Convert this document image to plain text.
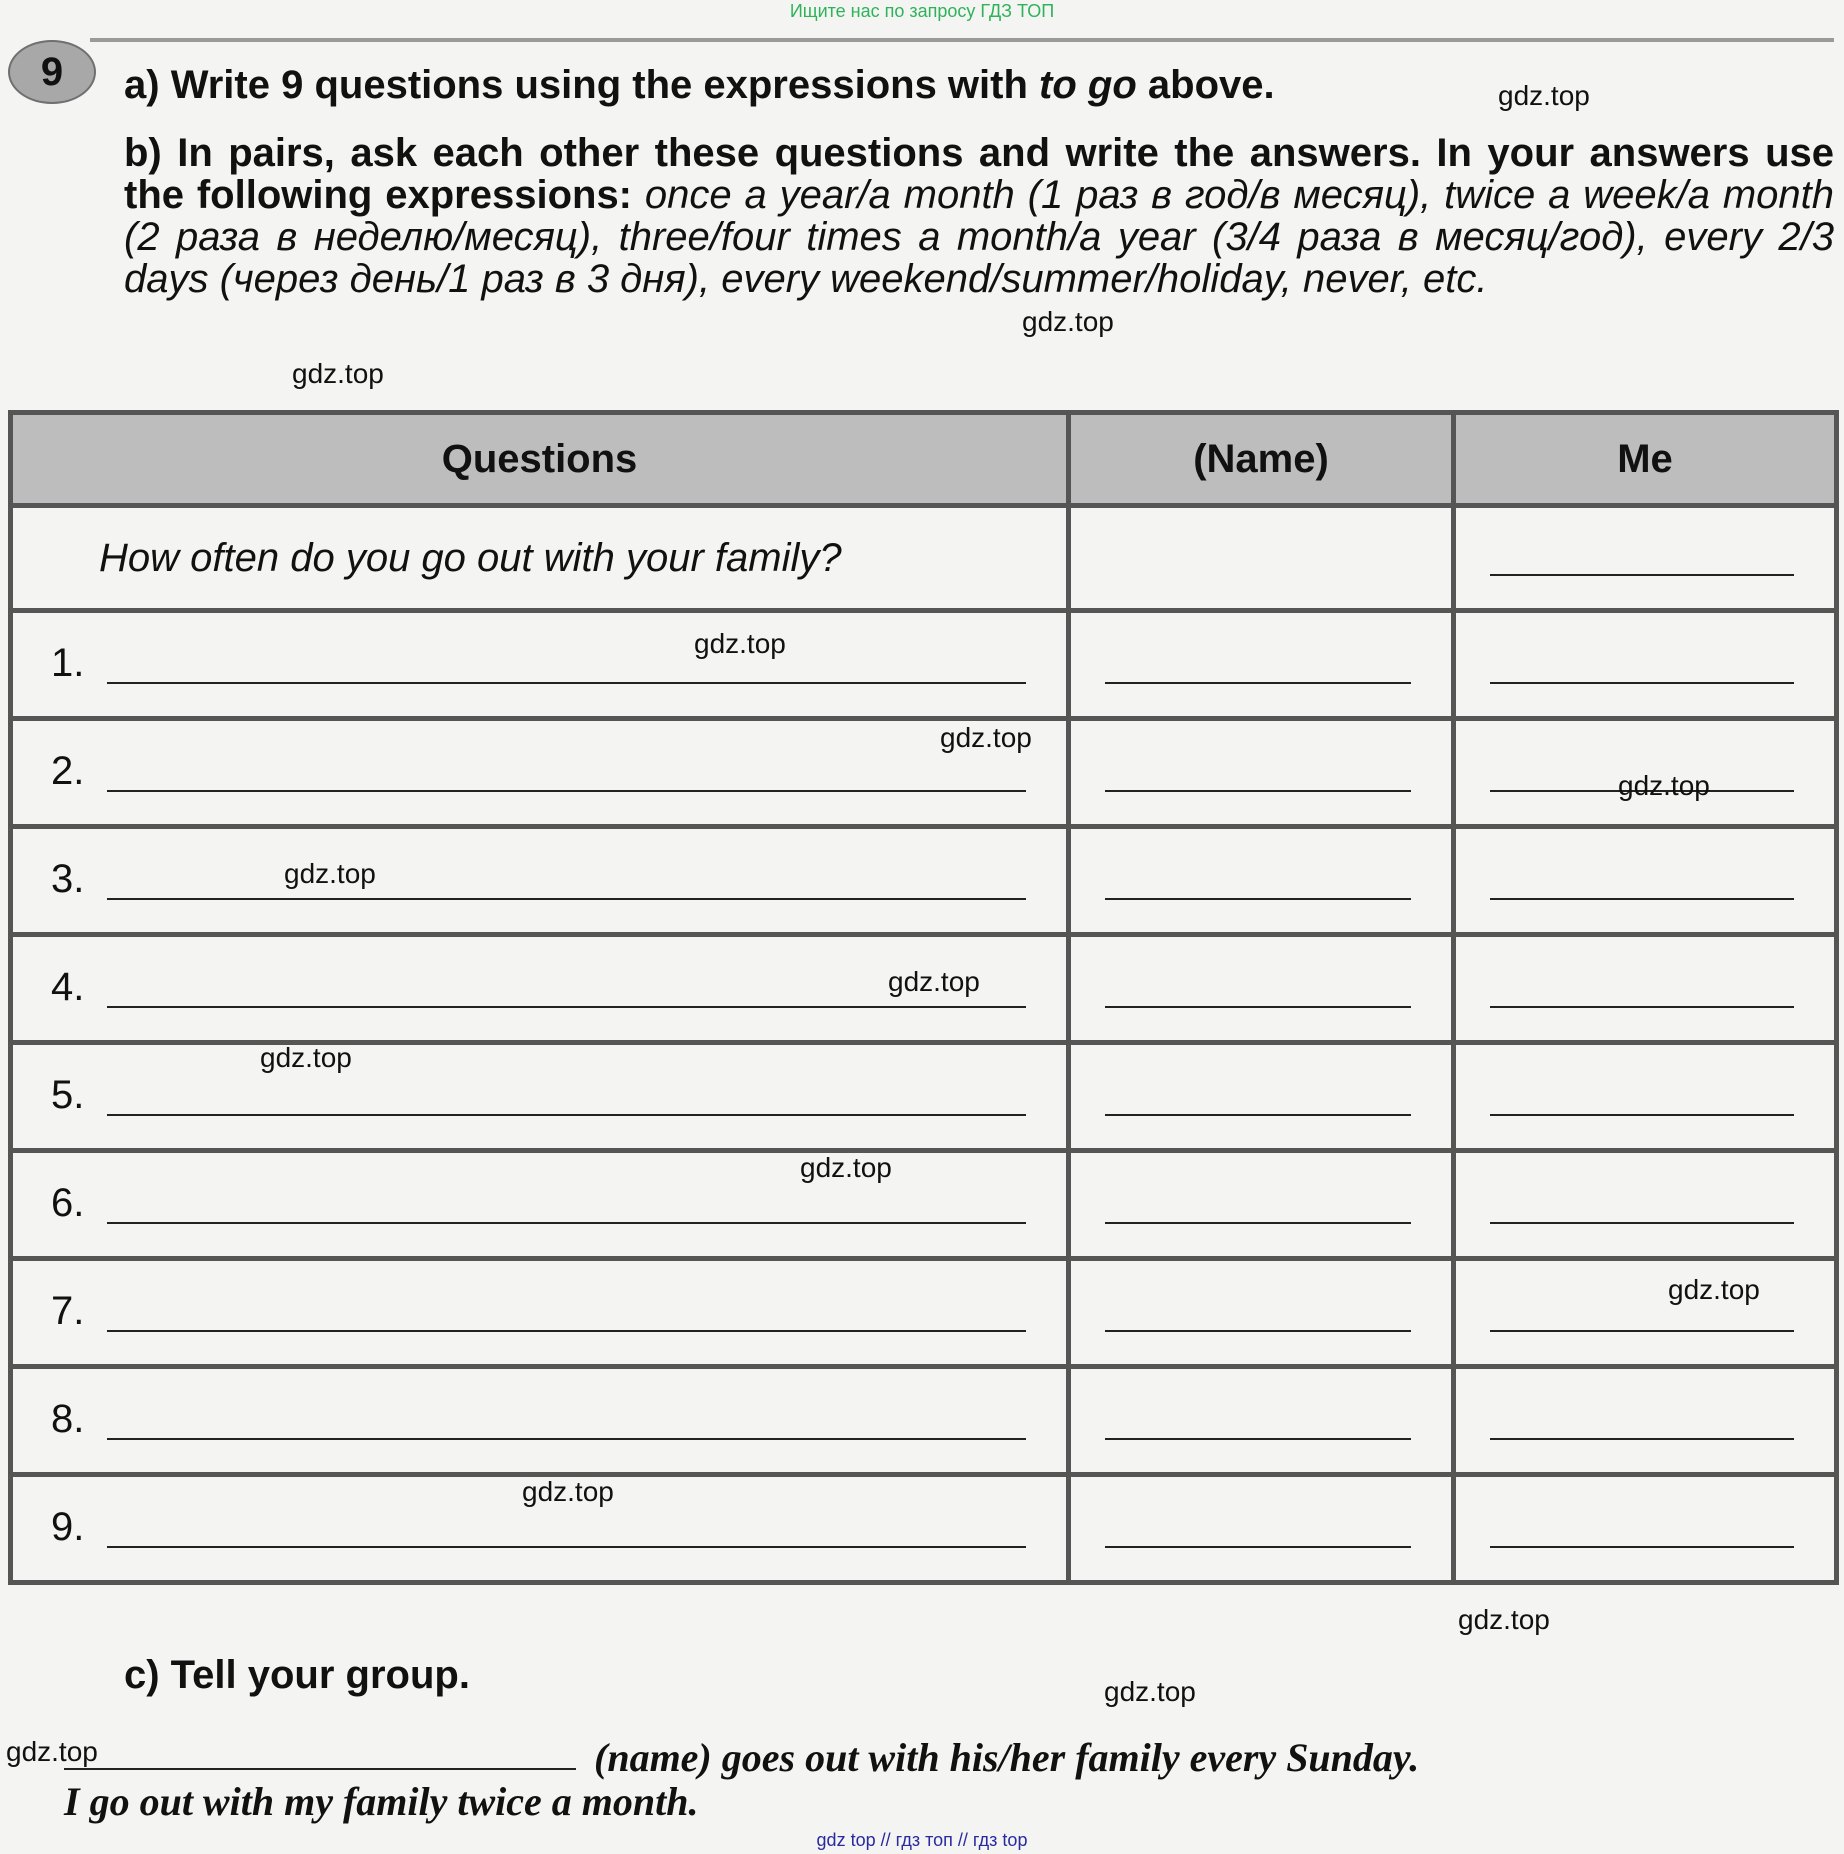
Ищите нас по запросу ГДЗ ТОП
9	a) Write 9 questions using the expressions with to go above.
b) In pairs, ask each other these questions and write the answers. In your answers use the following expressions: once a year/a month (1 раз в год/в месяц), twice a week/a month (2 раза в неделю/месяц), three/four times a month/a year (3/4 раза в месяц/год), every 2/3 days (через день/1 раз в 3 дня), every weekend/summer/holiday, never, etc.
gdz.top
gdz.top
gdz.top
Questions	(Name)	Me
How often do you go out with your family?		

1.		

2.		

3.		

4.		

5.		

6.		

7.		

8.		

9.		

gdz.top
gdz.top
gdz.top
gdz.top
gdz.top
gdz.top
gdz.top
gdz.top
gdz.top
gdz.top
gdz.top
gdz.top
c) Tell your group.
(name) goes out with his/her family every Sunday.
I go out with my family twice a month.
gdz top // гдз топ // гдз top
